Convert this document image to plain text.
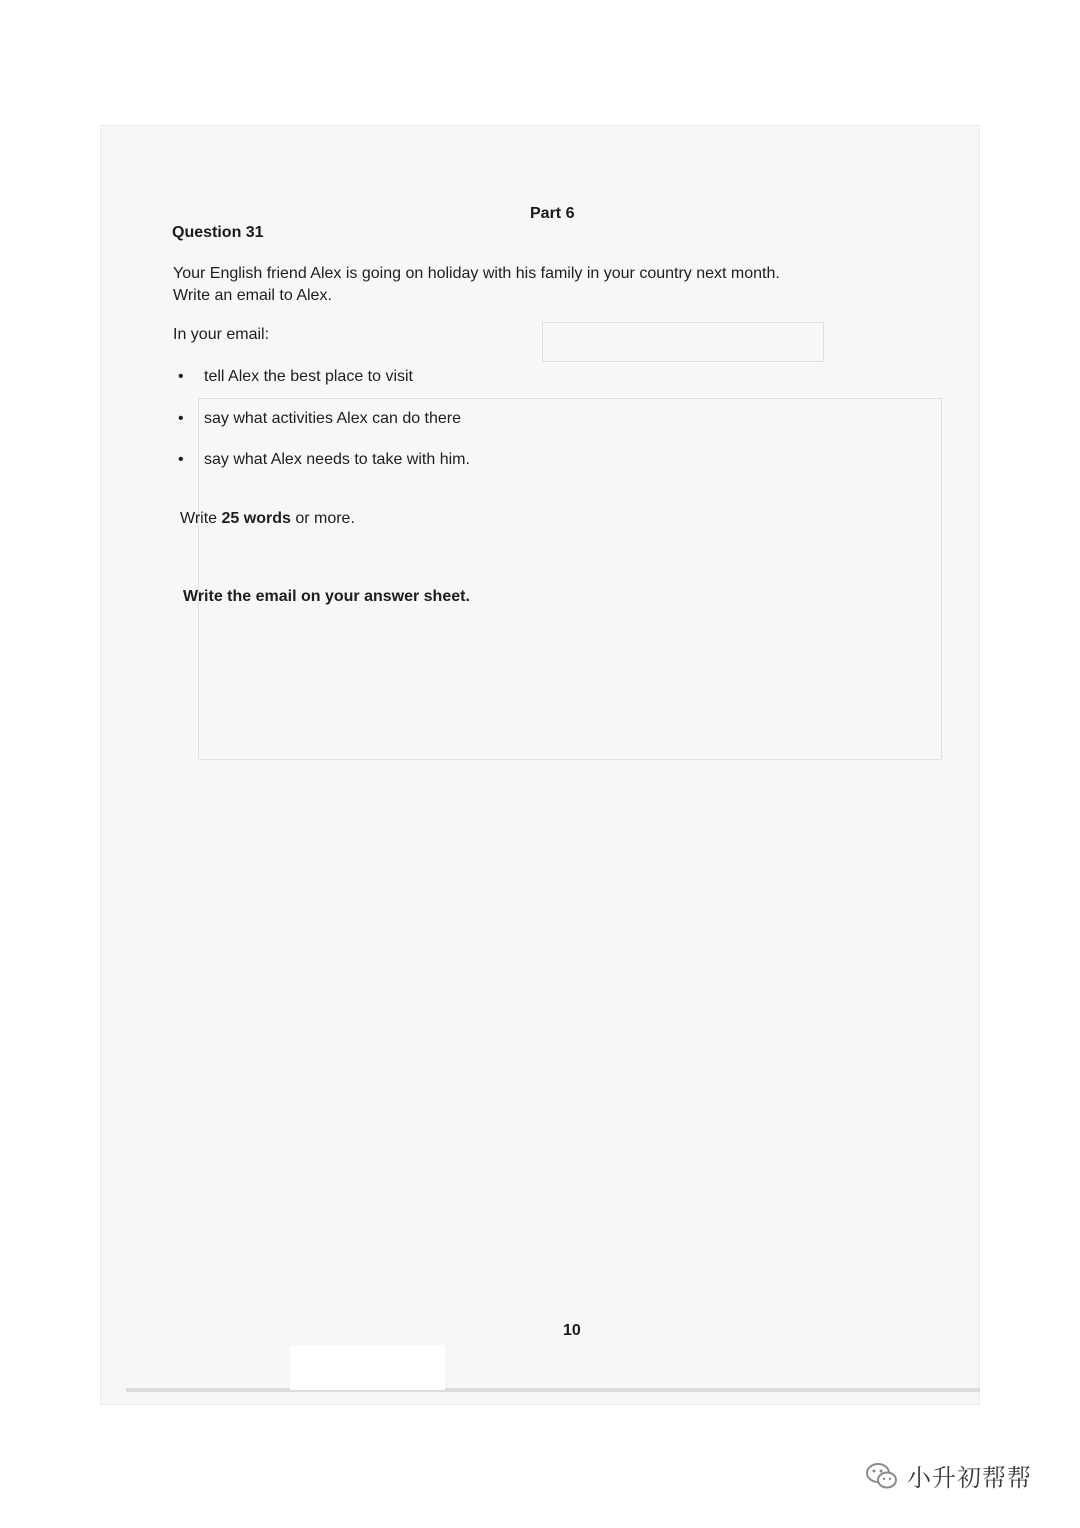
Part 6
Question 31
Your English friend Alex is going on holiday with his family in your country next month.
Write an email to Alex.
In your email:
• tell Alex the best place to visit
• say what activities Alex can do there
• say what Alex needs to take with him.
Write 25 words or more.
Write the email on your answer sheet.
10
小升初帮帮
